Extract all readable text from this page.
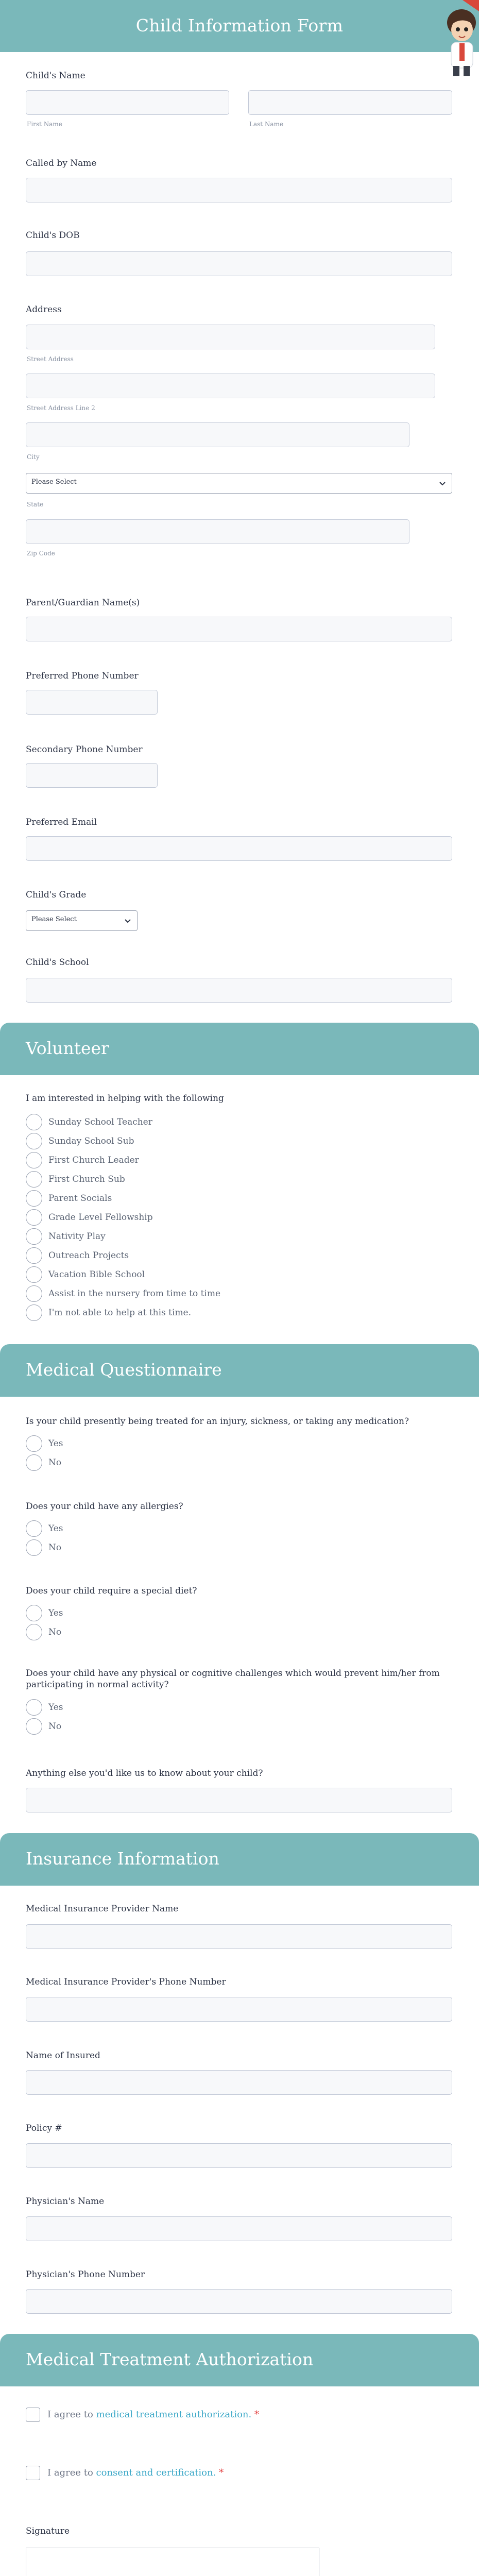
Child Information Form
Child's Name
First Name	Last Name
Called by Name
Child's DOB
Address
Street Address
Street Address Line 2
City
Please Select
State
Zip Code
Parent/Guardian Name(s)
Preferred Phone Number
Secondary Phone Number
Preferred Email
Child's Grade
Please Select
Child's School
Volunteer
I am interested in helping with the following
Sunday School Teacher
Sunday School Sub
First Church Leader
First Church Sub
Parent Socials
Grade Level Fellowship
Nativity Play
Outreach Projects
Vacation Bible School
Assist in the nursery from time to time
I'm not able to help at this time.
Medical Questionnaire
Is your child presently being treated for an injury, sickness, or taking any medication?
Yes
No
Does your child have any allergies?
Yes
No
Does your child require a special diet?
Yes
No
Does your child have any physical or cognitive challenges which would prevent him/her from
participating in normal activity?
Yes
No
Anything else you'd like us to know about your child?
Insurance Information
Medical Insurance Provider Name
Medical Insurance Provider's Phone Number
Name of Insured
Policy #
Physician's Name
Physician's Phone Number
Medical Treatment Authorization
I agree to medical treatment authorization. *
I agree to consent and certification. *
Signature
